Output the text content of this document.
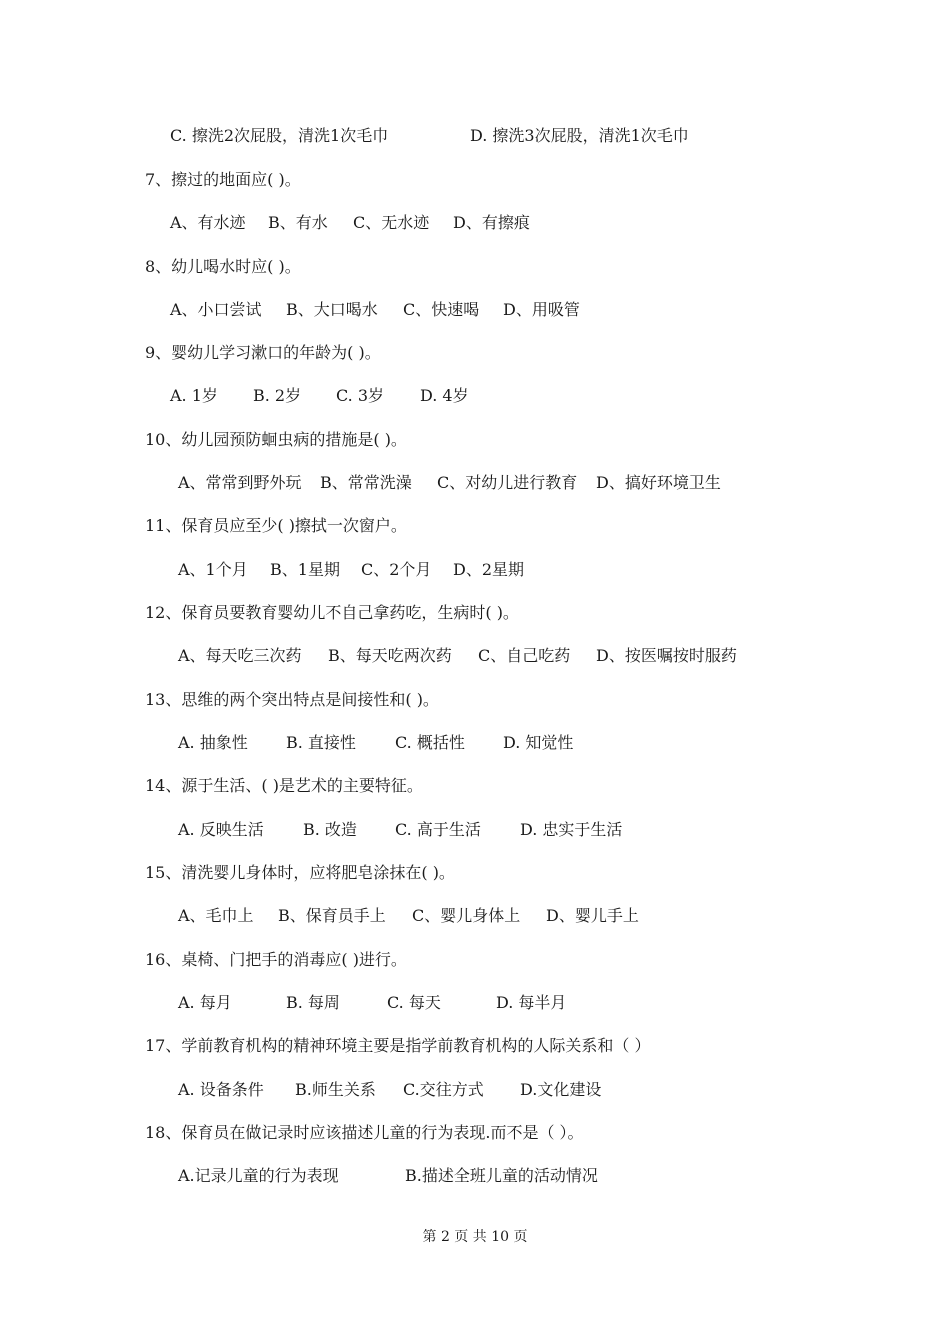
C. 擦洗2次屁股，清洗1次毛巾	D. 擦洗3次屁股，清洗1次毛巾
7、擦过的地面应( )。
A、有水迹 B、有水 C、无水迹 D、有擦痕
8、幼儿喝水时应( )。
A、小口尝试 B、大口喝水 C、快速喝 D、用吸管
9、婴幼儿学习漱口的年龄为( )。
A. 1岁 B. 2岁 C. 3岁 D. 4岁
10、幼儿园预防蛔虫病的措施是( )。
A、常常到野外玩 B、常常洗澡 C、对幼儿进行教育 D、搞好环境卫生
11、保育员应至少( )擦拭一次窗户。
A、1个月 B、1星期 C、2个月 D、2星期
12、保育员要教育婴幼儿不自己拿药吃，生病时( )。
A、每天吃三次药 B、每天吃两次药 C、自己吃药 D、按医嘱按时服药
13、思维的两个突出特点是间接性和( )。
A. 抽象性 B. 直接性 C. 概括性 D. 知觉性
14、源于生活、( )是艺术的主要特征。
A. 反映生活 B. 改造 C. 高于生活 D. 忠实于生活
15、清洗婴儿身体时，应将肥皂涂抹在( )。
A、毛巾上 B、保育员手上 C、婴儿身体上 D、婴儿手上
16、桌椅、门把手的消毒应( )进行。
A. 每月	B. 每周	C. 每天	D. 每半月
17、学前教育机构的精神环境主要是指学前教育机构的人际关系和（ ）
A. 设备条件 B.师生关系 C.交往方式 D.文化建设
18、保育员在做记录时应该描述儿童的行为表现.而不是（ ）。
A.记录儿童的行为表现	B.描述全班儿童的活动情况
第 2 页 共 10 页
